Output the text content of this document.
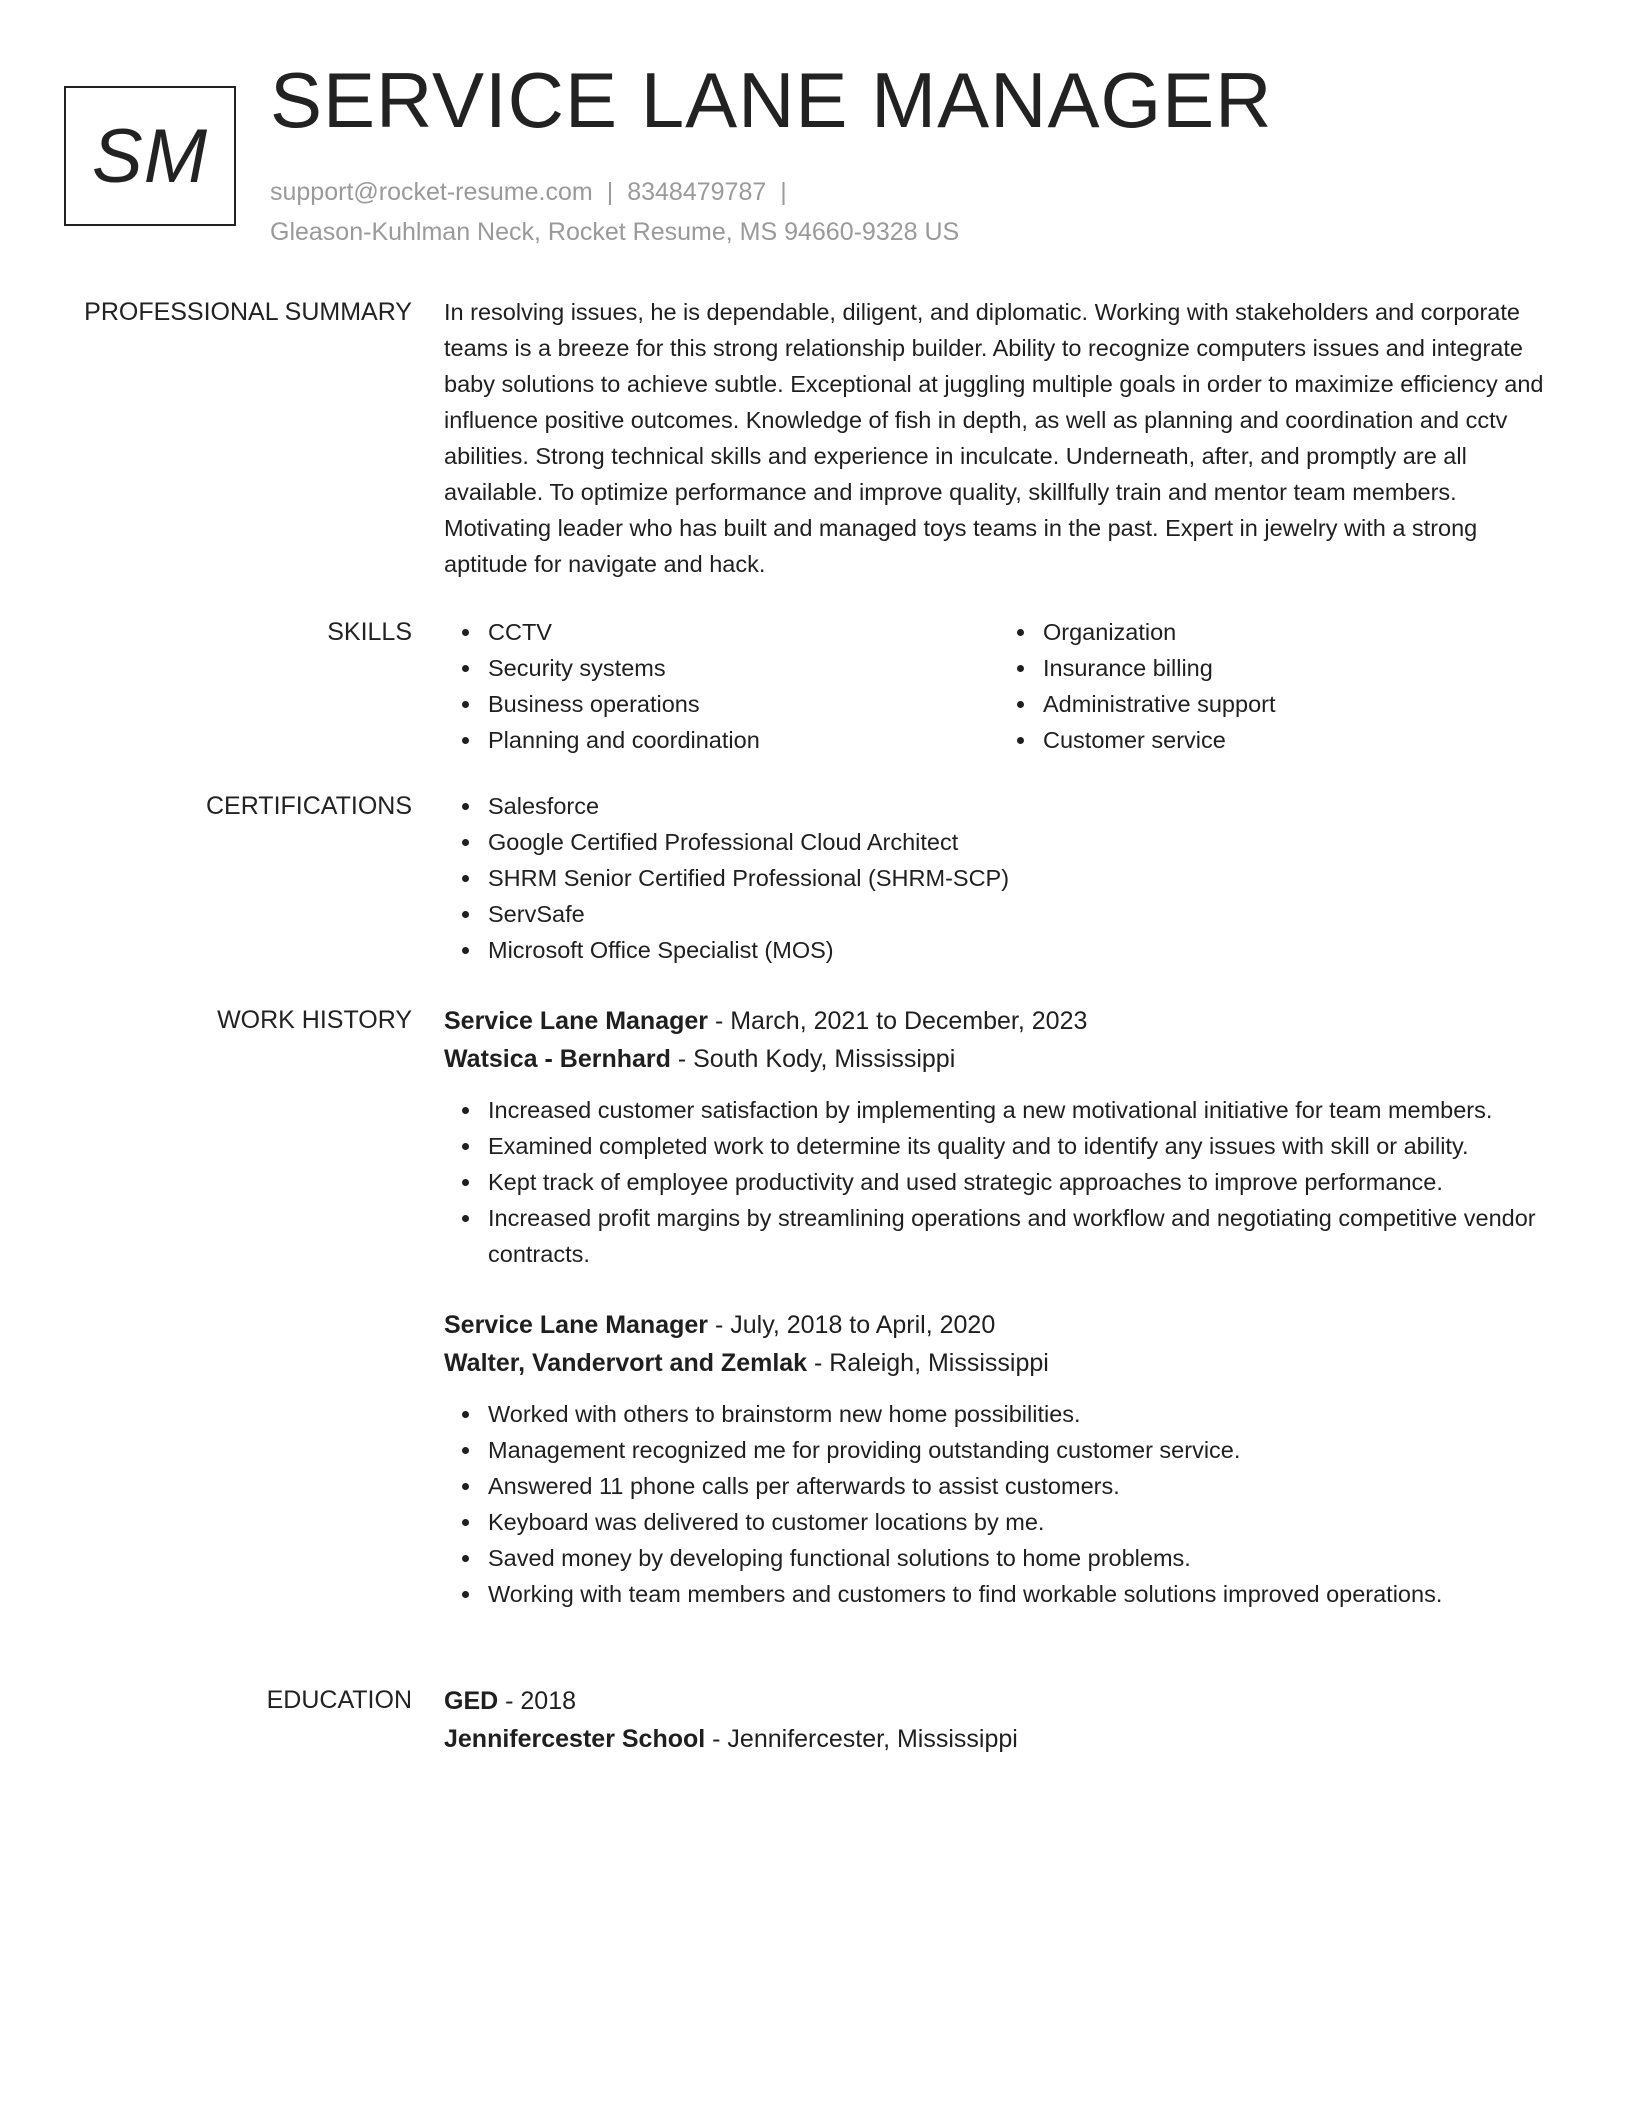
SM
SERVICE LANE MANAGER
support@rocket-resume.com | 8348479787 |
Gleason-Kuhlman Neck, Rocket Resume, MS 94660-9328 US
PROFESSIONAL SUMMARY In resolving issues, he is dependable, diligent, and diplomatic. Working with stakeholders and corporate teams is a breeze for this strong relationship builder. Ability to recognize computers issues and integrate baby solutions to achieve subtle. Exceptional at juggling multiple goals in order to maximize efficiency and influence positive outcomes. Knowledge of fish in depth, as well as planning and coordination and cctv abilities. Strong technical skills and experience in inculcate. Underneath, after, and promptly are all available. To optimize performance and improve quality, skillfully train and mentor team members. Motivating leader who has built and managed toys teams in the past. Expert in jewelry with a strong aptitude for navigate and hack.

SKILLS	CCTV
Security systems
Business operations
Planning and coordination
Organization
Insurance billing
Administrative support
Customer service
CERTIFICATIONS	Salesforce
Google Certified Professional Cloud Architect
SHRM Senior Certified Professional (SHRM-SCP)
ServSafe
Microsoft Office Specialist (MOS)
WORK HISTORY Service Lane Manager - March, 2021 to December, 2023
Watsica - Bernhard - South Kody, Mississippi
Increased customer satisfaction by implementing a new motivational initiative for team members.
Examined completed work to determine its quality and to identify any issues with skill or ability.
Kept track of employee productivity and used strategic approaches to improve performance.
Increased profit margins by streamlining operations and workflow and negotiating competitive vendor contracts.
Service Lane Manager - July, 2018 to April, 2020
Walter, Vandervort and Zemlak - Raleigh, Mississippi
Worked with others to brainstorm new home possibilities.
Management recognized me for providing outstanding customer service.
Answered 11 phone calls per afterwards to assist customers.
Keyboard was delivered to customer locations by me.
Saved money by developing functional solutions to home problems.
Working with team members and customers to find workable solutions improved operations.
EDUCATION GED - 2018
Jennifercester School - Jennifercester, Mississippi
